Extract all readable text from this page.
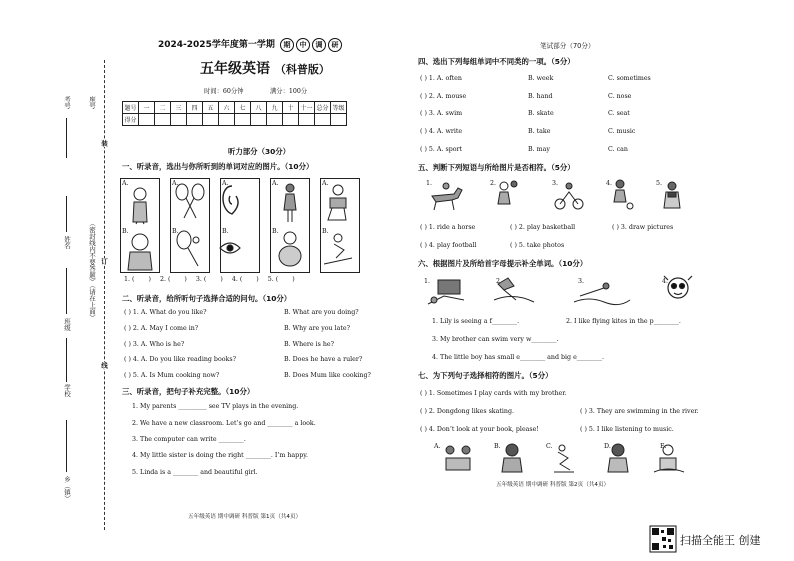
考号
姓名
班级
学校
乡（镇）
座号
（密封线内不要答题）
（请在上面）
装
订
线
2024-2025学年度第一学期 期 中 调 研
五年级英语 （科普版）
时间：60分钟	满分：100分
题号	一	二	三	四	五	六	七	八	九	十	十一	总分	等级
得分													
听力部分（30分）
一、听录音，选出与你所听到的单词对应的图片。（10分）
A.	A.	A.	A.	A.
B.	B.	B.	B.	B.
1. ( ) 2. ( ) 3. ( ) 4. ( ) 5. ( )
二、听录音，给所听句子选择合适的问句。（10分）
( ) 1. A. What do you like?	B. What are you doing?
( ) 2. A. May I come in?	B. Why are you late?
( ) 3. A. Who is he?	B. Where is he?
( ) 4. A. Do you like reading books?	B. Does he have a ruler?
( ) 5. A. Is Mum cooking now?	B. Does Mum like cooking?
三、听录音，把句子补充完整。（10分）
1. My parents _________ see TV plays in the evening.
2. We have a new classroom. Let’s go and ________ a look.
3. The computer can write ________.
4. My little sister is doing the right ________. I’m happy.
5. Linda is a ________ and beautiful girl.
五年级英语 期中调研 科普版 第1页（共4页）
笔试部分（70分）
四、选出下列每组单词中不同类的一项。（5分）
( ) 1. A. often	B. week	C. sometimes
( ) 2. A. mouse	B. hand	C. nose
( ) 3. A. swim	B. skate	C. seat
( ) 4. A. write	B. take	C. music
( ) 5. A. sport	B. may	C. can
五、判断下列短语与所给图片是否相符。（5分）
1.	2.	3.	4.	5.
( ) 1. ride a horse	( ) 2. play basketball	( ) 3. draw pictures
( ) 4. play football	( ) 5. take photos
六、根据图片及所给首字母提示补全单词。（10分）
1.	2.	3.	4.
1. Lily is seeing a f________.	2. I like flying kites in the p________.
3. My brother can swim very w________.
4. The little boy has small e________ and big e________.
七、为下列句子选择相符的图片。（5分）
( ) 1. Sometimes I play cards with my brother.
( ) 2. Dongdong likes skating.	( ) 3. They are swimming in the river.
( ) 4. Don’t look at your book, please!	( ) 5. I like listening to music.
A.	B.	C.	D.	E.
五年级英语 期中调研 科普版 第2页（共4页）
扫描全能王 创建
